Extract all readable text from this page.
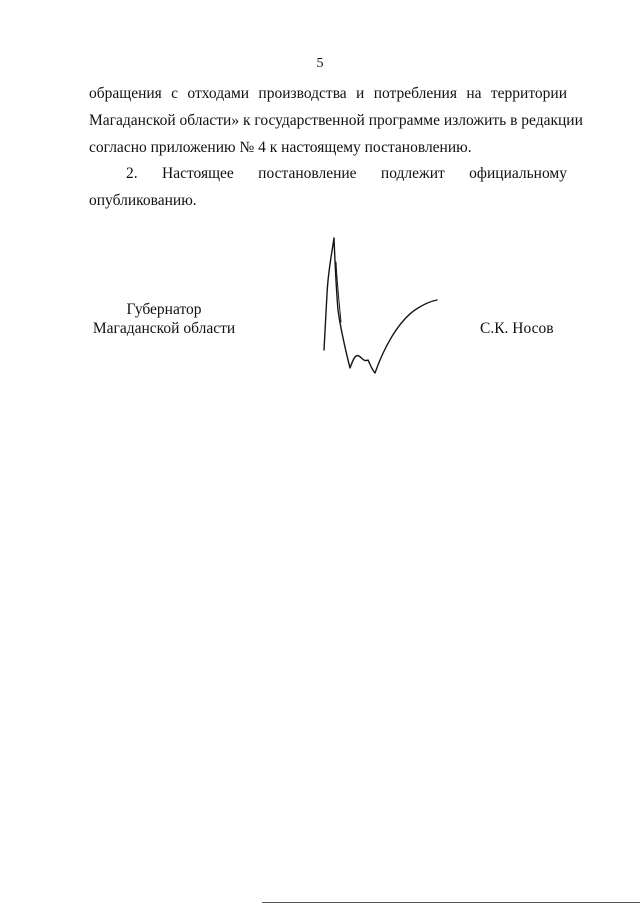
5
обращения с отходами производства и потребления на территории
Магаданской области» к государственной программе изложить в редакции
согласно приложению № 4 к настоящему постановлению.
2. Настоящее постановление подлежит официальному
опубликованию.
Губернатор
Магаданской области	С.К. Носов
